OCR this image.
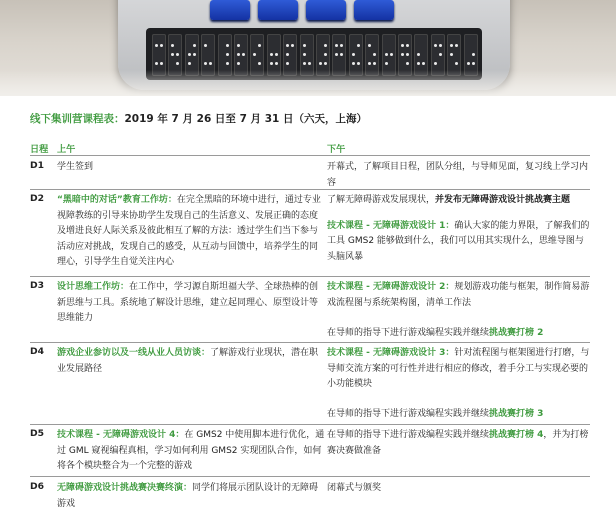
线下集训营课程表：2019 年 7 月 26 日至 7 月 31 日（六天，上海）
日程 上午	下午
D1 学生签到	开幕式，了解项目日程，团队分组，与导师见面，复习线上学习内容
D2 “黑暗中的对话”教育工作坊：在完全黑暗的环境中进行，通过专业视障教练的引导来协助学生发现自己的生活意义、发展正确的态度及增进良好人际关系及彼此相互了解的方法：透过学生们当下参与活动应对挑战，发现自己的感受，从互动与回馈中，培养学生的同理心，引导学生自觉关注内心

了解无障碍游戏发展现状，并发布无障碍游戏设计挑战赛主题

技术课程 - 无障碍游戏设计 1：确认大家的能力界限，了解我们的工具 GMS2 能够做到什么，我们可以用其实现什么，思维导图与头脑风暴

D3 设计思维工作坊：在工作中，学习源自斯坦福大学、全球热棒的创新思维与工具。系统地了解设计思维，建立起同理心、原型设计等思维能力

技术课程 - 无障碍游戏设计 2：规划游戏功能与框架，制作简易游戏流程图与系统架构图，清单工作法

在导师的指导下进行游戏编程实践并继续挑战赛打榜 2

D4 游戏企业参访以及一线从业人员访谈：了解游戏行业现状，潜在职业发展路径

技术课程 - 无障碍游戏设计 3：针对流程图与框架图进行打磨，与导师交流方案的可行性并进行相应的修改，着手分工与实现必要的小功能模块

在导师的指导下进行游戏编程实践并继续挑战赛打榜 3

D5 技术课程 - 无障碍游戏设计 4：在 GMS2 中使用脚本进行优化，通过 GML 窥视编程真相，学习如何利用 GMS2 实现团队合作，如何将各个模块整合为一个完整的游戏
在导师的指导下进行游戏编程实践并继续挑战赛打榜 4，并为打榜赛决赛做准备
D6 无障碍游戏设计挑战赛决赛终演：同学们将展示团队设计的无障碍游戏
闭幕式与颁奖
